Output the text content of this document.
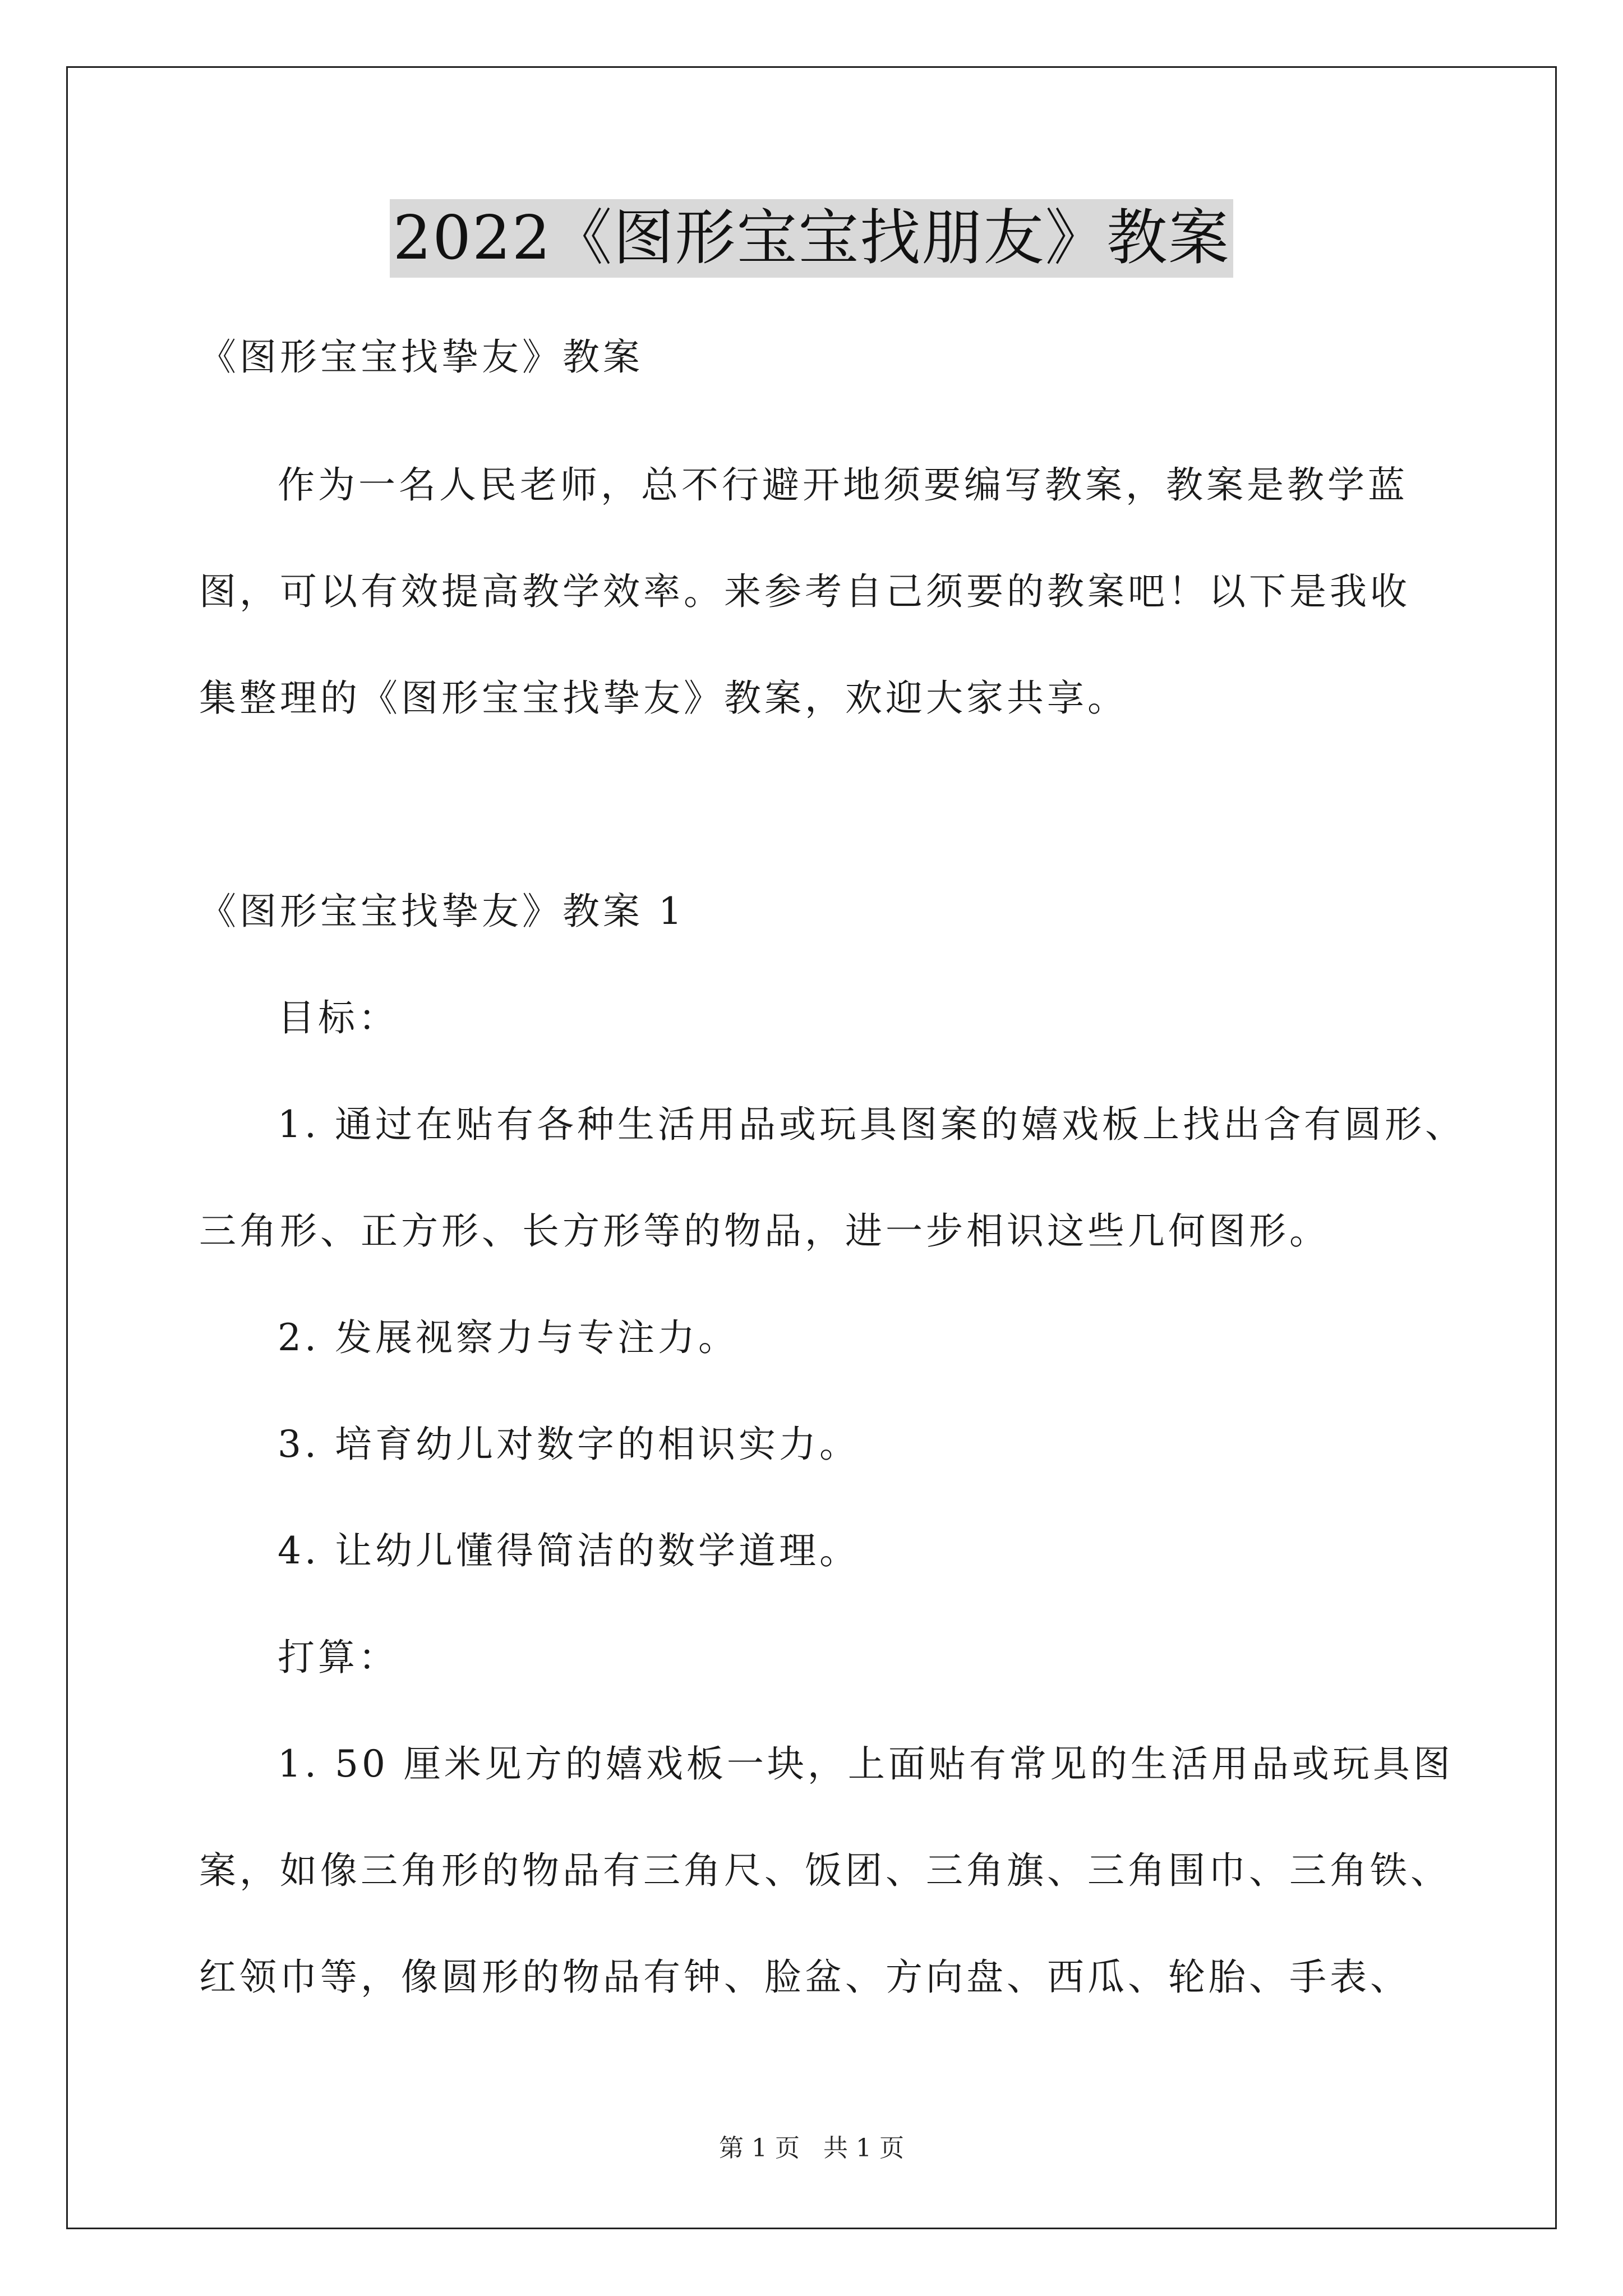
2022《图形宝宝找朋友》教案
《图形宝宝找挚友》教案
作为一名人民老师，总不行避开地须要编写教案，教案是教学蓝
图，可以有效提高教学效率。来参考自己须要的教案吧！以下是我收
集整理的《图形宝宝找挚友》教案，欢迎大家共享。
《图形宝宝找挚友》教案 1
目标：
1. 通过在贴有各种生活用品或玩具图案的嬉戏板上找出含有圆形、
三角形、正方形、长方形等的物品，进一步相识这些几何图形。
2. 发展视察力与专注力。
3. 培育幼儿对数字的相识实力。
4. 让幼儿懂得简洁的数学道理。
打算：
1. 50 厘米见方的嬉戏板一块，上面贴有常见的生活用品或玩具图
案，如像三角形的物品有三角尺、饭团、三角旗、三角围巾、三角铁、
红领巾等，像圆形的物品有钟、脸盆、方向盘、西瓜、轮胎、手表、
第 1 页 共 1 页
